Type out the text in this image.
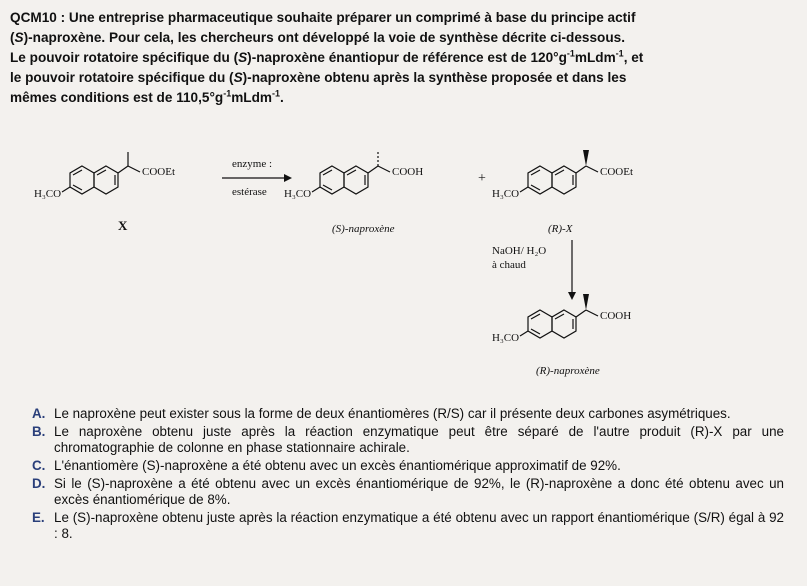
QCM10 : Une entreprise pharmaceutique souhaite préparer un comprimé à base du principe actif
(S)-naproxène. Pour cela, les chercheurs ont développé la voie de synthèse décrite ci-dessous.
Le pouvoir rotatoire spécifique du (S)-naproxène énantiopur de référence est de $120^\circ g^{-1}mLdm^{-1}$, et
le pouvoir rotatoire spécifique du (S)-naproxène obtenu après la synthèse proposée et dans les
mêmes conditions est de $110,5^\circ g^{-1}mLdm^{-1}$.
COOEt
H₃CO
X
enzyme :
estérase
COOH
H₃CO
(S)-naproxène
+	COOEt
H₃CO
(R)-X
NaOH/ H₂O
à chaud
COOH
H₃CO
(R)-naproxène
A. Le naproxène peut exister sous la forme de deux énantiomères (R/S) car il présente deux carbones asymétriques.
B. Le naproxène obtenu juste après la réaction enzymatique peut être séparé de l'autre produit (R)-X par une chromatographie de colonne en phase stationnaire achirale.
C. L'énantiomère (S)-naproxène a été obtenu avec un excès énantiomérique approximatif de 92%.
D. Si le (S)-naproxène a été obtenu avec un excès énantiomérique de 92%, le (R)-naproxène a donc été obtenu avec un excès énantiomérique de 8%.
E. Le (S)-naproxène obtenu juste après la réaction enzymatique a été obtenu avec un rapport énantiomérique (S/R) égal à 92 : 8.
